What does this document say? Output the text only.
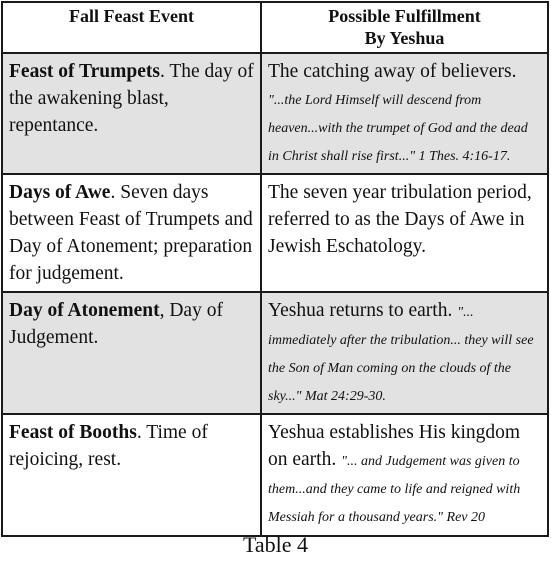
Fall Feast Event	Possible Fulfillment
By Yeshua

Feast of Trumpets. The day of the awakening blast, repentance.	The catching away of believers. "...the Lord Himself will descend from heaven...with the trumpet of God and the dead in Christ shall rise first..." 1 Thes. 4:16-17.
Days of Awe. Seven days between Feast of Trumpets and Day of Atonement; preparation for judgement.	The seven year tribulation period, referred to as the Days of Awe in Jewish Eschatology.
Day of Atonement, Day of Judgement.	Yeshua returns to earth. "... immediately after the tribulation... they will see the Son of Man coming on the clouds of the sky..." Mat 24:29-30.
Feast of Booths. Time of rejoicing, rest.	Yeshua establishes His kingdom on earth. "... and Judgement was given to them...and they came to life and reigned with Messiah for a thousand years." Rev 20
Table 4
